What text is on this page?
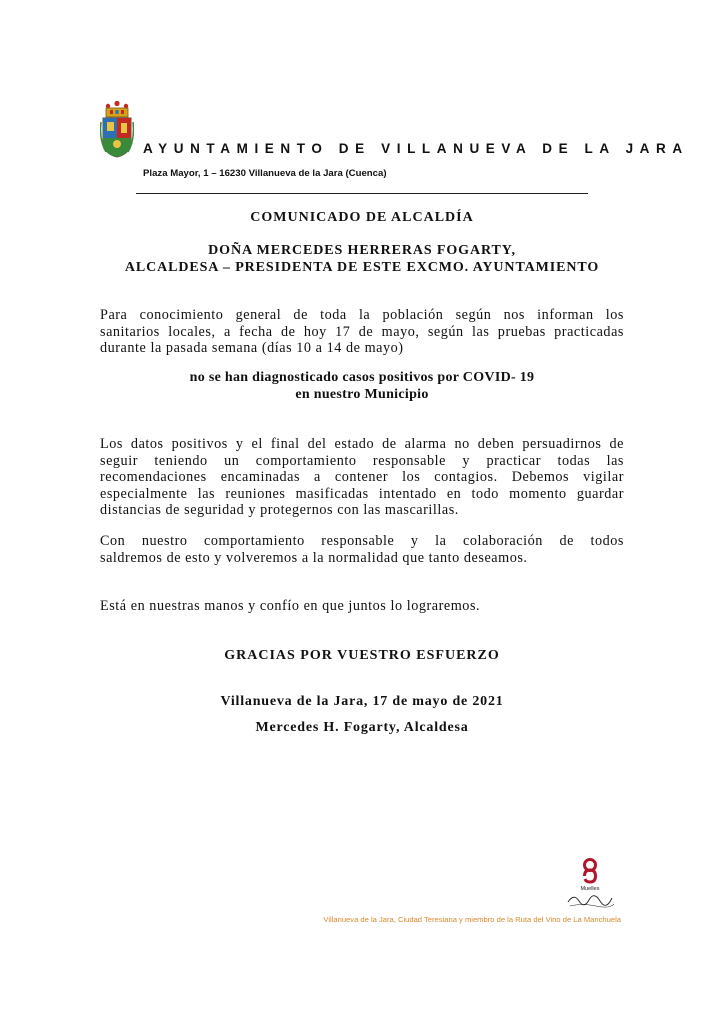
AYUNTAMIENTO DE VILLANUEVA DE LA JARA
Plaza Mayor, 1 – 16230 Villanueva de la Jara (Cuenca)
COMUNICADO DE ALCALDÍA
DOÑA MERCEDES HERRERAS FOGARTY,
ALCALDESA – PRESIDENTA DE ESTE EXCMO. AYUNTAMIENTO
Para conocimiento general de toda la población según nos informan los
sanitarios locales, a fecha de hoy 17 de mayo, según las pruebas practicadas
durante la pasada semana (días 10 a 14 de mayo)
no se han diagnosticado casos positivos por COVID- 19
en nuestro Municipio
Los datos positivos y el final del estado de alarma no deben persuadirnos de
seguir teniendo un comportamiento responsable y practicar todas las
recomendaciones encaminadas a contener los contagios. Debemos vigilar
especialmente las reuniones masificadas intentado en todo momento guardar
distancias de seguridad y protegernos con las mascarillas.
Con nuestro comportamiento responsable y la colaboración de todos
saldremos de esto y volveremos a la normalidad que tanto deseamos.
Está en nuestras manos y confío en que juntos lo lograremos.
GRACIAS POR VUESTRO ESFUERZO
Villanueva de la Jara, 17 de mayo de 2021
Mercedes H. Fogarty, Alcaldesa
Muelles
Villanueva de la Jara, Ciudad Teresiana y miembro de la Ruta del Vino de La Manchuela
